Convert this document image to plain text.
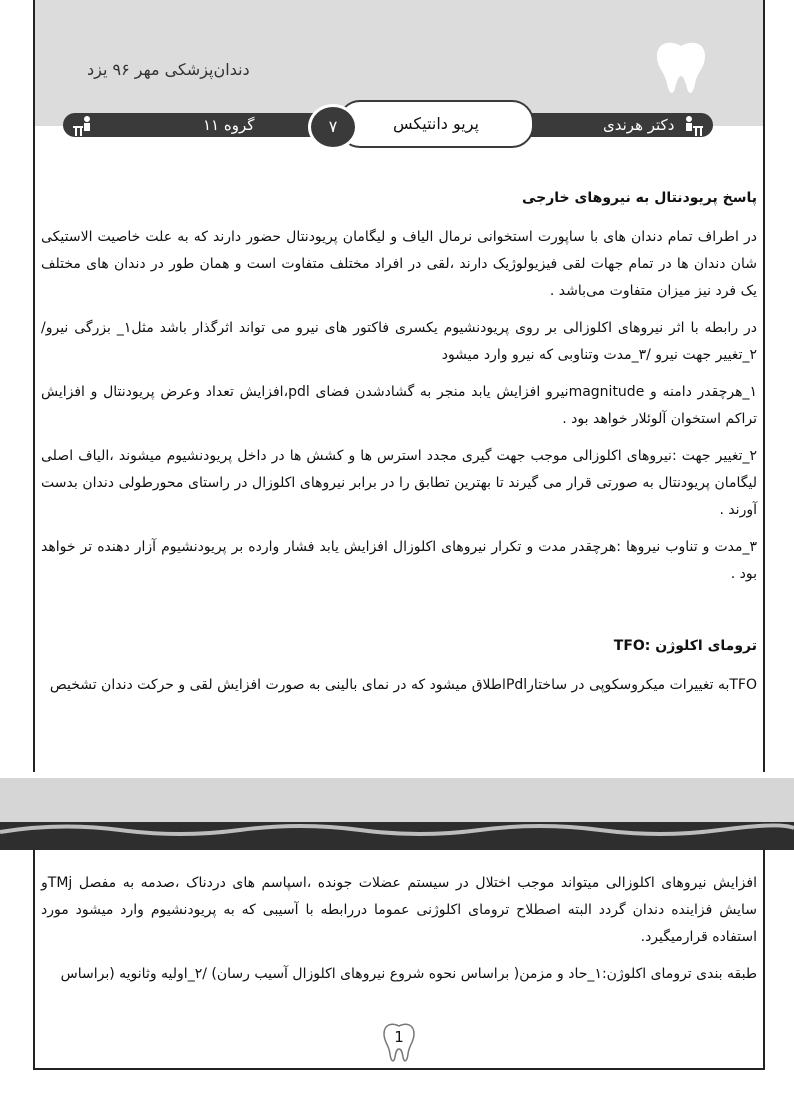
دندان‌پزشکی مهر ۹۶ یزد
گروه ۱۱	پریو دانتیکس
۷	دکتر هرندی
پاسخ پریودنتال به نیروهای خارجی

در اطراف تمام دندان های با ساپورت استخوانی نرمال الیاف و لیگامان پریودنتال حضور دارند که به علت خاصیت الاستیکی شان دندان ها در تمام جهات لقی فیزیولوژیک دارند ،لقی در افراد مختلف متفاوت است و همان طور در دندان های مختلف یک فرد نیز میزان متفاوت می‌باشد .

در رابطه با اثر نیروهای اکلوزالی بر روی پریودنشیوم یکسری فاکتور های نیرو می تواند اثرگذار باشد مثل۱_ بزرگی نیرو/۲_تغییر جهت نیرو /۳_مدت وتناوبی که نیرو وارد میشود

۱_هرچقدر دامنه و magnitudeنیرو افزایش یابد منجر به گشادشدن فضای pdl،افزایش تعداد وعرض پریودنتال و افزایش تراکم استخوان آلوئلار خواهد بود .

۲_تغییر جهت :نیروهای اکلوزالی موجب جهت گیری مجدد استرس ها و کشش ها در داخل پریودنشیوم میشوند ،الیاف اصلی لیگامان پریودنتال به صورتی قرار می گیرند تا بهترین تطابق را در برابر نیروهای اکلوزال در راستای محورطولی دندان بدست آورند .

۳_مدت و تناوب نیروها :هرچقدر مدت و تکرار نیروهای اکلوزال افزایش یابد فشار وارده بر پریودنشیوم آزار دهنده تر خواهد بود .

ترومای اکلوژن :TFO

TFOبه تغییرات میکروسکوپی در ساختارPdlاطلاق میشود که در نمای بالینی به صورت افزایش لقی و حرکت دندان تشخیص

افزایش نیروهای اکلوزالی میتواند موجب اختلال در سیستم عضلات جونده ،اسپاسم های دردناک ،صدمه به مفصل TMjو سایش فزاینده دندان گردد البته اصطلاح ترومای اکلوژنی عموما دررابطه با آسیبی که به پریودنشیوم وارد میشود مورد استفاده قرارمیگیرد.

طبقه بندی ترومای اکلوژن:۱_حاد و مزمن( براساس نحوه شروع نیروهای اکلوزال آسیب رسان) /۲_اولیه وثانویه (براساس

1
